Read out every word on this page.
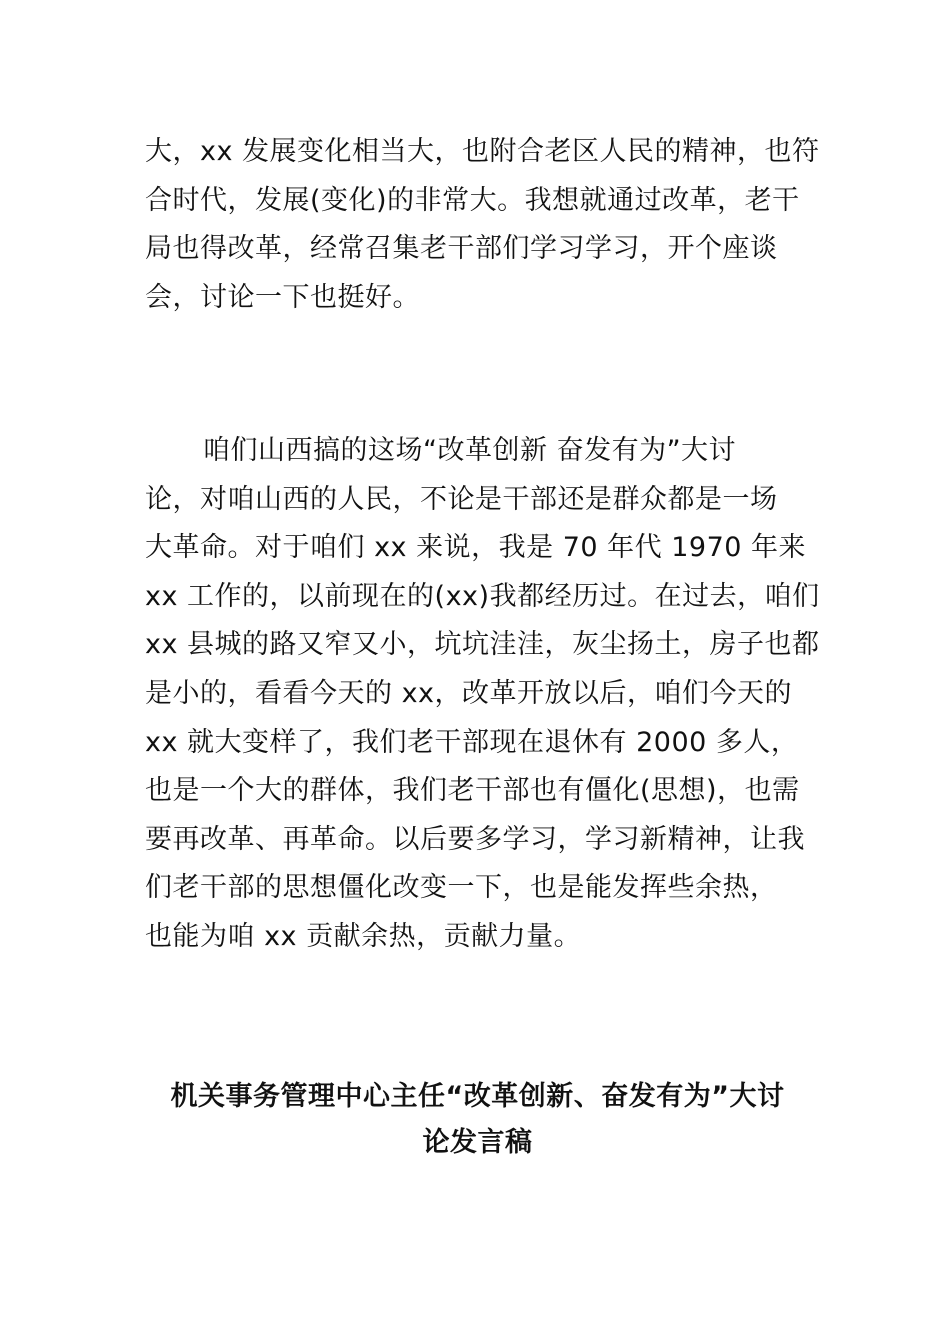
大，xx 发展变化相当大，也附合老区人民的精神，也符
合时代，发展(变化)的非常大。我想就通过改革，老干
局也得改革，经常召集老干部们学习学习，开个座谈
会，讨论一下也挺好。
咱们山西搞的这场“改革创新 奋发有为”大讨
论，对咱山西的人民，不论是干部还是群众都是一场
大革命。对于咱们 xx 来说，我是 70 年代 1970 年来
xx 工作的，以前现在的(xx)我都经历过。在过去，咱们
xx 县城的路又窄又小，坑坑洼洼，灰尘扬土，房子也都
是小的，看看今天的 xx，改革开放以后，咱们今天的
xx 就大变样了，我们老干部现在退休有 2000 多人，
也是一个大的群体，我们老干部也有僵化(思想)，也需
要再改革、再革命。以后要多学习，学习新精神，让我
们老干部的思想僵化改变一下，也是能发挥些余热，
也能为咱 xx 贡献余热，贡献力量。
机关事务管理中心主任“改革创新、奋发有为”大讨
论发言稿
